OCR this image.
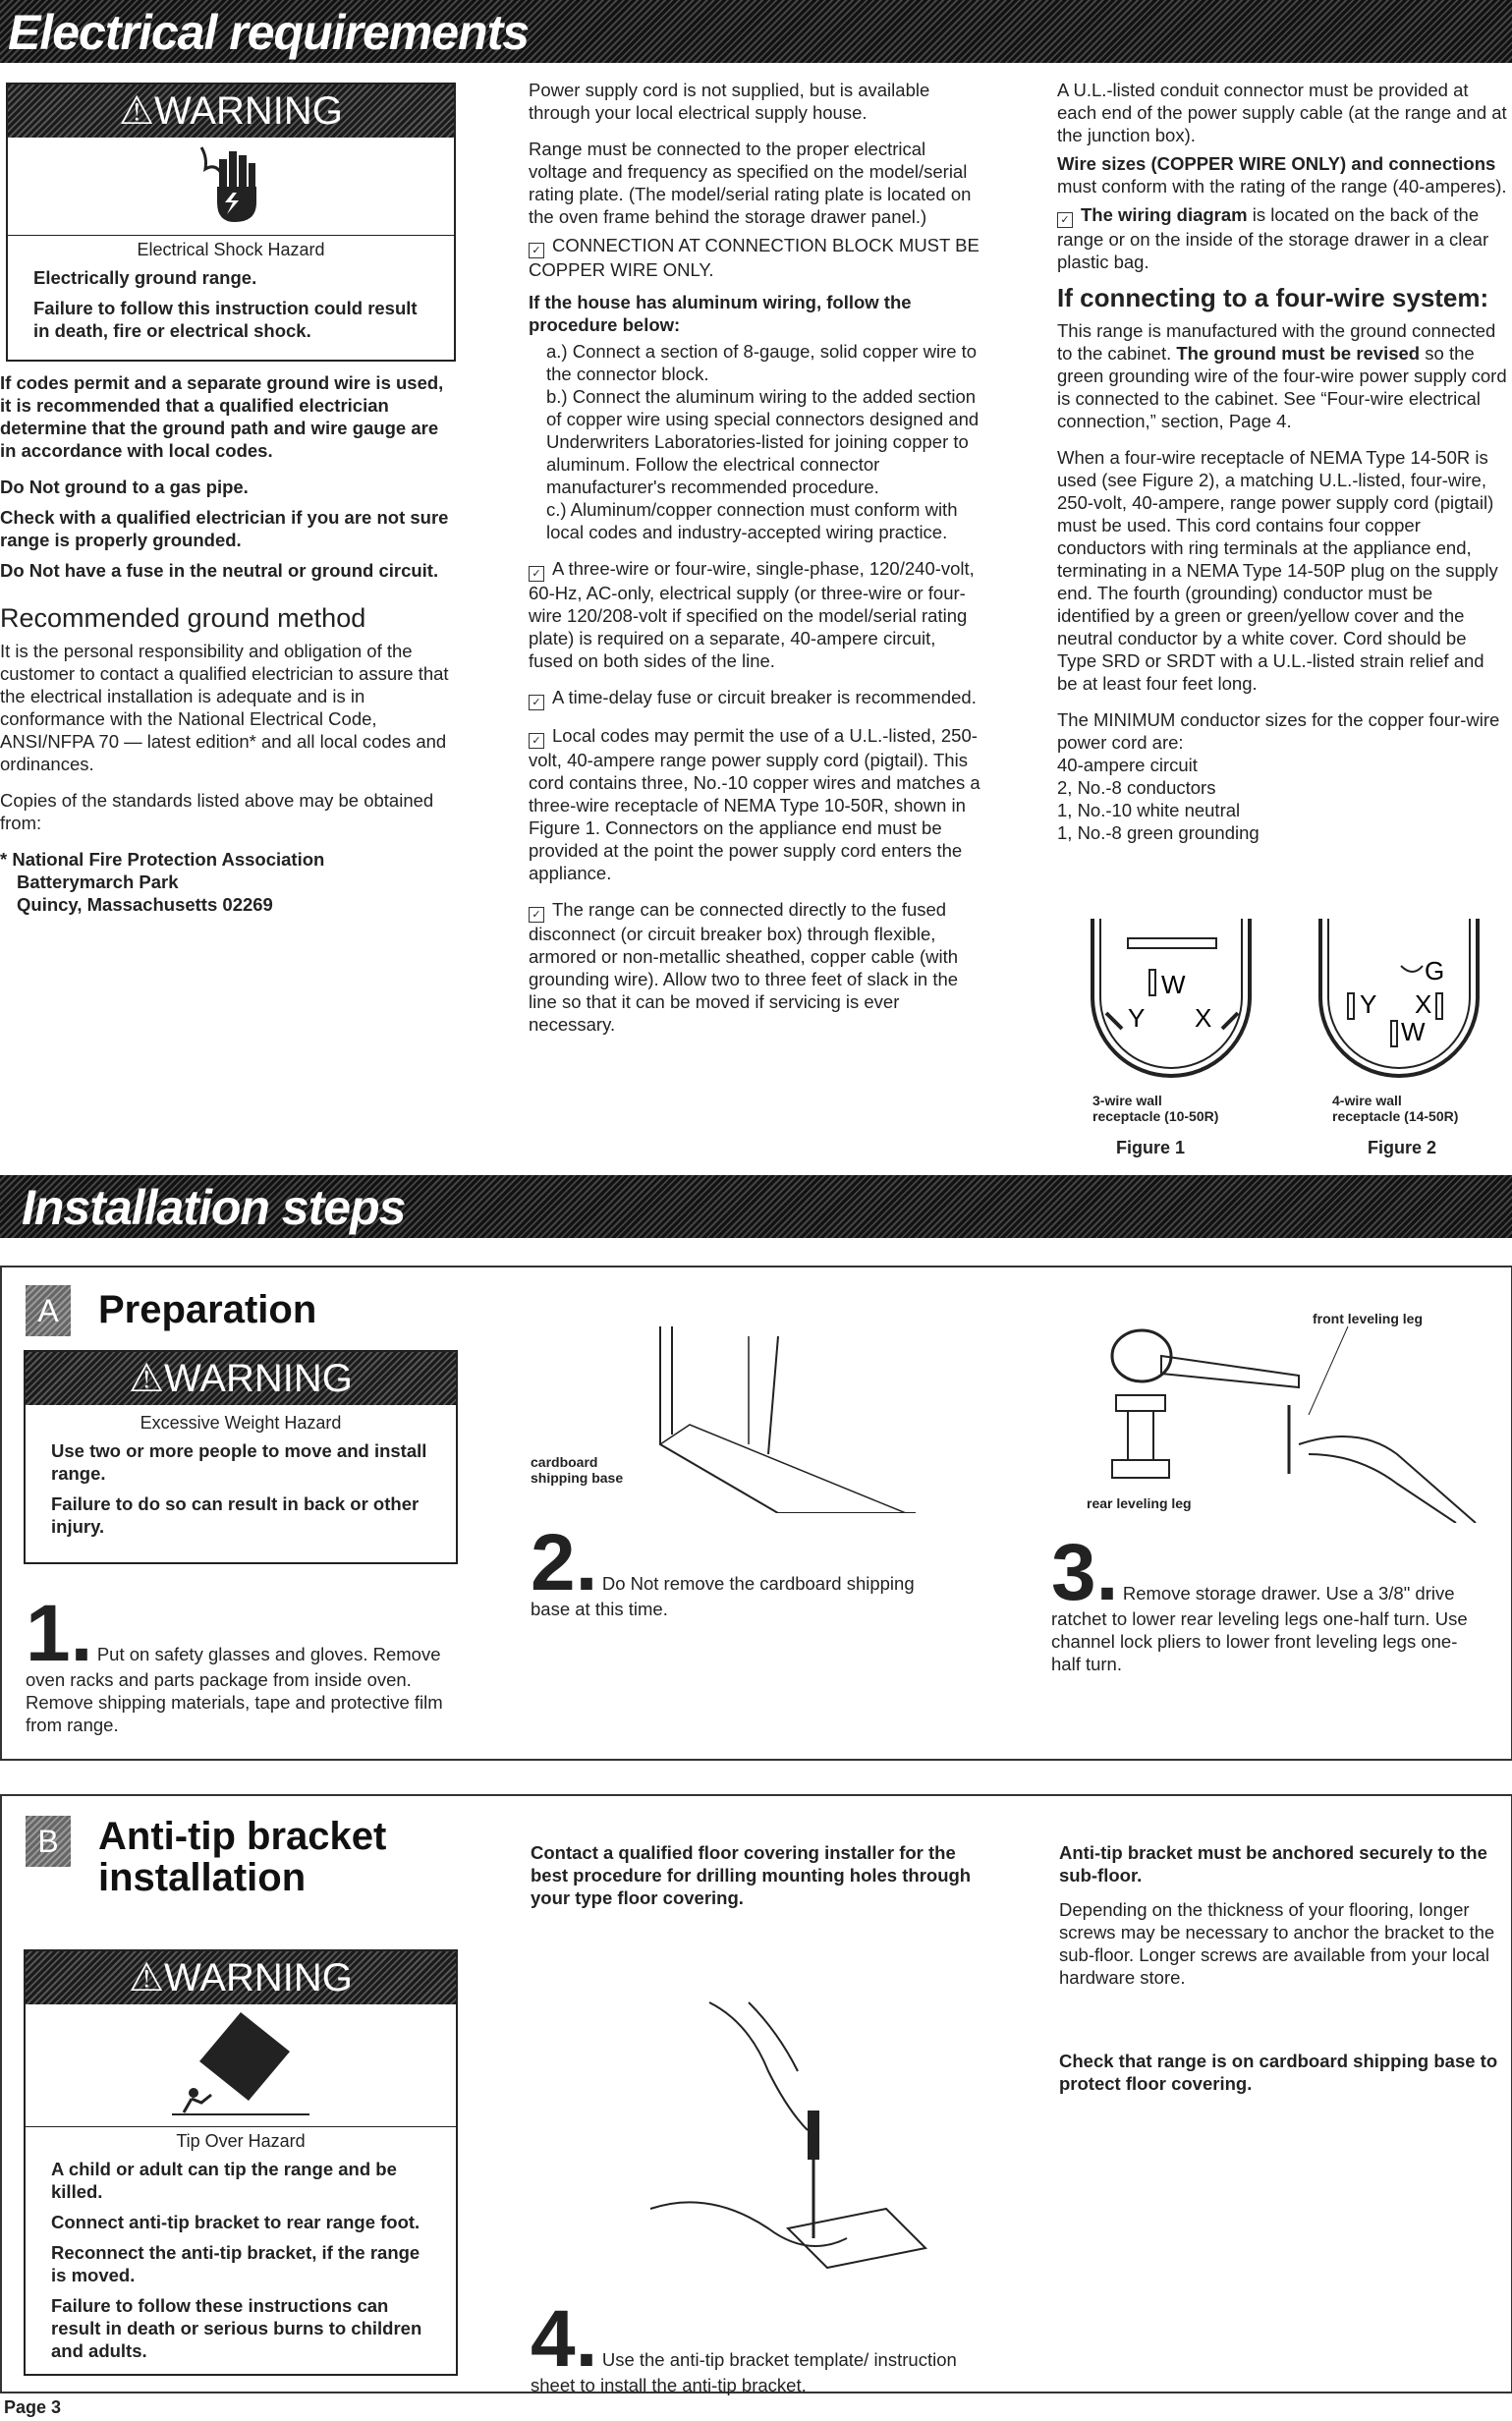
Electrical requirements
⚠WARNING
Electrical Shock Hazard

Electrically ground range.

Failure to follow this instruction could result in death, fire or electrical shock.

If codes permit and a separate ground wire is used, it is recommended that a qualified electrician determine that the ground path and wire gauge are in accordance with local codes.

Do Not ground to a gas pipe.

Check with a qualified electrician if you are not sure range is properly grounded.

Do Not have a fuse in the neutral or ground circuit.

Recommended ground method

It is the personal responsibility and obligation of the customer to contact a qualified electrician to assure that the electrical installation is adequate and is in conformance with the National Electrical Code, ANSI/NFPA 70 — latest edition* and all local codes and ordinances.

Copies of the standards listed above may be obtained from:

* National Fire Protection Association
Batterymarch Park
Quincy, Massachusetts 02269

Power supply cord is not supplied, but is available through your local electrical supply house.

Range must be connected to the proper electrical voltage and frequency as specified on the model/serial rating plate. (The model/serial rating plate is located on the oven frame behind the storage drawer panel.)

✓ CONNECTION AT CONNECTION BLOCK MUST BE COPPER WIRE ONLY.

If the house has aluminum wiring, follow the procedure below:

a.) Connect a section of 8-gauge, solid copper wire to the connector block.
b.) Connect the aluminum wiring to the added section of copper wire using special connectors designed and Underwriters Laboratories-listed for joining copper to aluminum. Follow the electrical connector manufacturer's recommended procedure.
c.) Aluminum/copper connection must conform with local codes and industry-accepted wiring practice.

✓ A three-wire or four-wire, single-phase, 120/240-volt, 60-Hz, AC-only, electrical supply (or three-wire or four-wire 120/208-volt if specified on the model/serial rating plate) is required on a separate, 40-ampere circuit, fused on both sides of the line.

✓ A time-delay fuse or circuit breaker is recommended.

✓ Local codes may permit the use of a U.L.-listed, 250-volt, 40-ampere range power supply cord (pigtail). This cord contains three, No.-10 copper wires and matches a three-wire receptacle of NEMA Type 10-50R, shown in Figure 1. Connectors on the appliance end must be provided at the point the power supply cord enters the appliance.

✓ The range can be connected directly to the fused disconnect (or circuit breaker box) through flexible, armored or non-metallic sheathed, copper cable (with grounding wire). Allow two to three feet of slack in the line so that it can be moved if servicing is ever necessary.

A U.L.-listed conduit connector must be provided at each end of the power supply cable (at the range and at the junction box).

Wire sizes (COPPER WIRE ONLY) and connections must conform with the rating of the range (40-amperes).

✓ The wiring diagram is located on the back of the range or on the inside of the storage drawer in a clear plastic bag.

If connecting to a four-wire system:

This range is manufactured with the ground connected to the cabinet. The ground must be revised so the green grounding wire of the four-wire power supply cord is connected to the cabinet. See “Four-wire electrical connection,” section, Page 4.

When a four-wire receptacle of NEMA Type 14-50R is used (see Figure 2), a matching U.L.-listed, four-wire, 250-volt, 40-ampere, range power supply cord (pigtail) must be used. This cord contains four copper conductors with ring terminals at the appliance end, terminating in a NEMA Type 14-50P plug on the supply end. The fourth (grounding) conductor must be identified by a green or green/yellow cover and the neutral conductor by a white cover. Cord should be Type SRD or SRDT with a U.L.-listed strain relief and be at least four feet long.

The MINIMUM conductor sizes for the copper four-wire power cord are:

40-ampere circuit
2, No.-8 conductors
1, No.-10 white neutral
1, No.-8 green grounding
W
Y X
3-wire wall
receptacle (10-50R)
Figure 1
G
Y X
W
4-wire wall
receptacle (14-50R)
Figure 2
Installation steps
A	Preparation
⚠WARNING
Excessive Weight Hazard

Use two or more people to move and install range.

Failure to do so can result in back or other injury.

1. Put on safety glasses and gloves. Remove oven racks and parts package from inside oven. Remove shipping materials, tape and protective film from range.
cardboard
shipping base
2. Do Not remove the cardboard shipping base at this time.
front leveling leg
rear leveling leg
3. Remove storage drawer. Use a 3/8" drive ratchet to lower rear leveling legs one-half turn. Use channel lock pliers to lower front leveling legs one-half turn.
B	Anti-tip bracket
installation
⚠WARNING
Tip Over Hazard

A child or adult can tip the range and be killed.

Connect anti-tip bracket to rear range foot.

Reconnect the anti-tip bracket, if the range is moved.

Failure to follow these instructions can result in death or serious burns to children and adults.

Contact a qualified floor covering installer for the best procedure for drilling mounting holes through your type floor covering.
4. Use the anti-tip bracket template/ instruction sheet to install the anti-tip bracket.

Anti-tip bracket must be anchored securely to the sub-floor.

Depending on the thickness of your flooring, longer screws may be necessary to anchor the bracket to the sub-floor. Longer screws are available from your local hardware store.

Check that range is on cardboard shipping base to protect floor covering.
Page 3
